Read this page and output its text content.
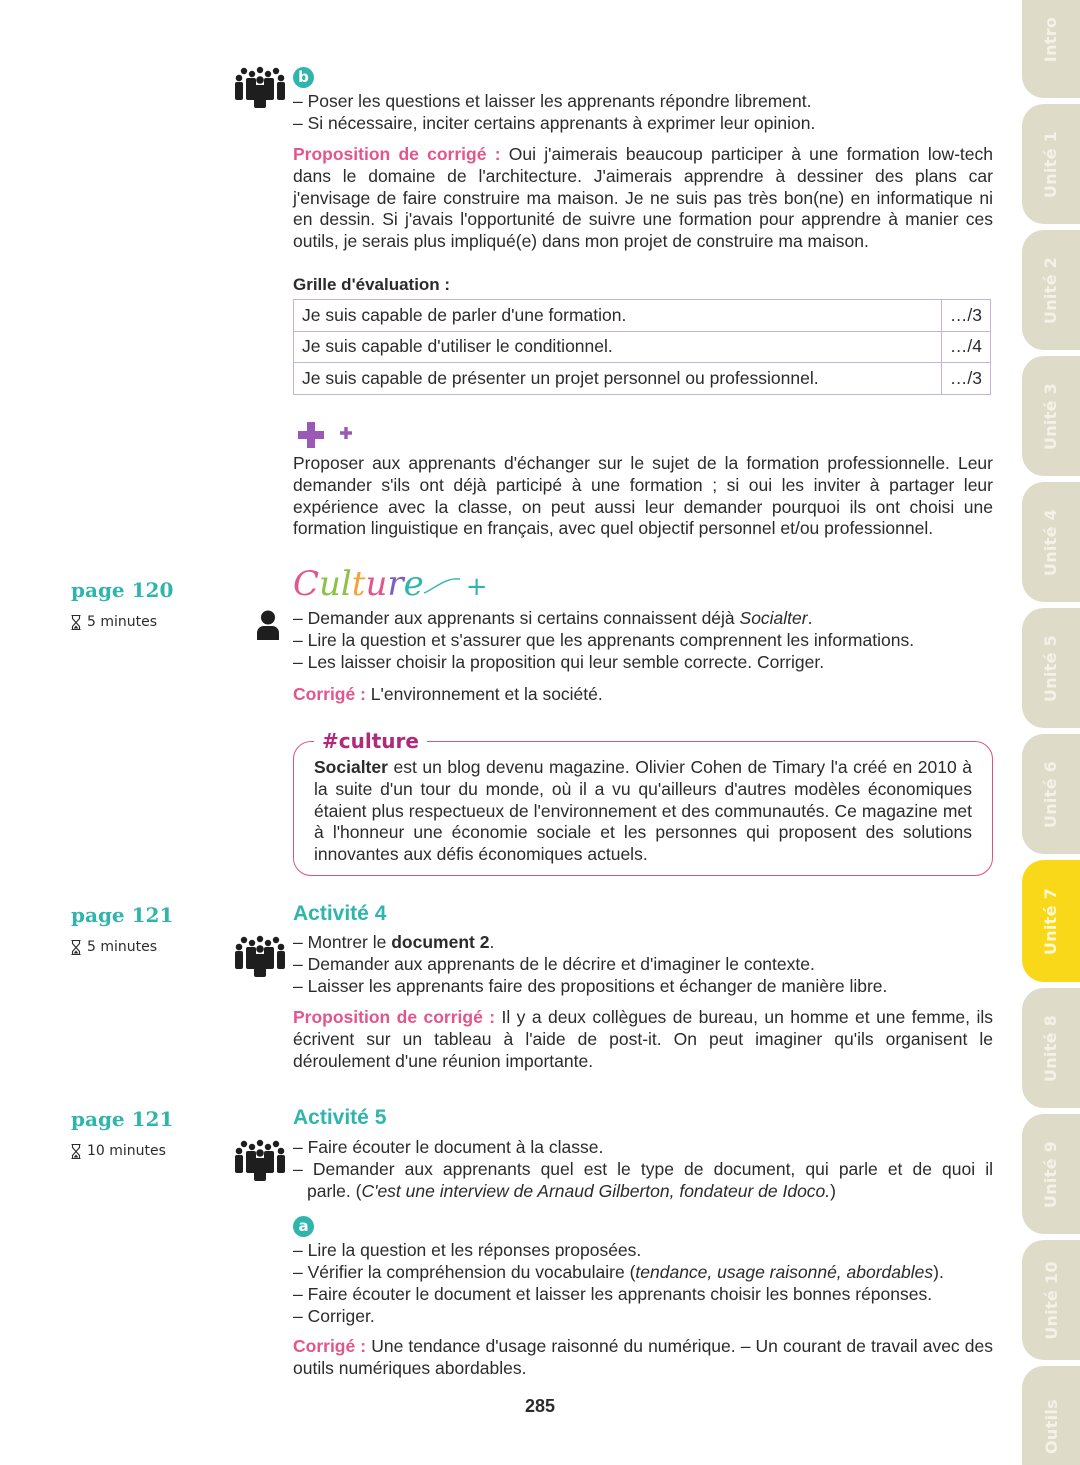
b
– Poser les questions et laisser les apprenants répondre librement.
– Si nécessaire, inciter certains apprenants à exprimer leur opinion.
Proposition de corrigé : Oui j'aimerais beaucoup participer à une formation low-tech dans le domaine de l'architecture. J'aimerais apprendre à dessiner des plans car j'envisage de faire construire ma maison. Je ne suis pas très bon(ne) en informatique ni en dessin. Si j'avais l'opportunité de suivre une formation pour apprendre à manier ces outils, je serais plus impliqué(e) dans mon projet de construire ma maison.
Grille d'évaluation :
Je suis capable de parler d'une formation.	…/3
Je suis capable d'utiliser le conditionnel.	…/4
Je suis capable de présenter un projet personnel ou professionnel.	…/3
Proposer aux apprenants d'échanger sur le sujet de la formation professionnelle. Leur demander s'ils ont déjà participé à une formation ; si oui les inviter à partager leur expérience avec la classe, on peut aussi leur demander pourquoi ils ont choisi une formation linguistique en français, avec quel objectif personnel et/ou professionnel.
page 120
5 minutes
C ul t u r e +
– Demander aux apprenants si certains connaissent déjà Socialter.
– Lire la question et s'assurer que les apprenants comprennent les informations.
– Les laisser choisir la proposition qui leur semble correcte. Corriger.
Corrigé : L'environnement et la société.
#culture
Socialter est un blog devenu magazine. Olivier Cohen de Timary l'a créé en 2010 à la suite d'un tour du monde, où il a vu qu'ailleurs d'autres modèles économiques étaient plus respectueux de l'environnement et des communautés. Ce magazine met à l'honneur une économie sociale et les personnes qui proposent des solutions innovantes aux défis économiques actuels.
page 121
5 minutes
Activité 4
– Montrer le document 2.
– Demander aux apprenants de le décrire et d'imaginer le contexte.
– Laisser les apprenants faire des propositions et échanger de manière libre.
Proposition de corrigé : Il y a deux collègues de bureau, un homme et une femme, ils écrivent sur un tableau à l'aide de post-it. On peut imaginer qu'ils organisent le déroulement d'une réunion importante.
page 121
10 minutes
Activité 5
– Faire écouter le document à la classe.
– Demander aux apprenants quel est le type de document, qui parle et de quoi il
parle. (C'est une interview de Arnaud Gilberton, fondateur de Idoco.)
a
– Lire la question et les réponses proposées.
– Vérifier la compréhension du vocabulaire (tendance, usage raisonné, abordables).
– Faire écouter le document et laisser les apprenants choisir les bonnes réponses.
– Corriger.
Corrigé : Une tendance d'usage raisonné du numérique. – Un courant de travail avec des outils numériques abordables.
285
Intro
Unité 1
Unité 2
Unité 3
Unité 4
Unité 5
Unité 6
Unité 7
Unité 8
Unité 9
Unité 10
Outils
